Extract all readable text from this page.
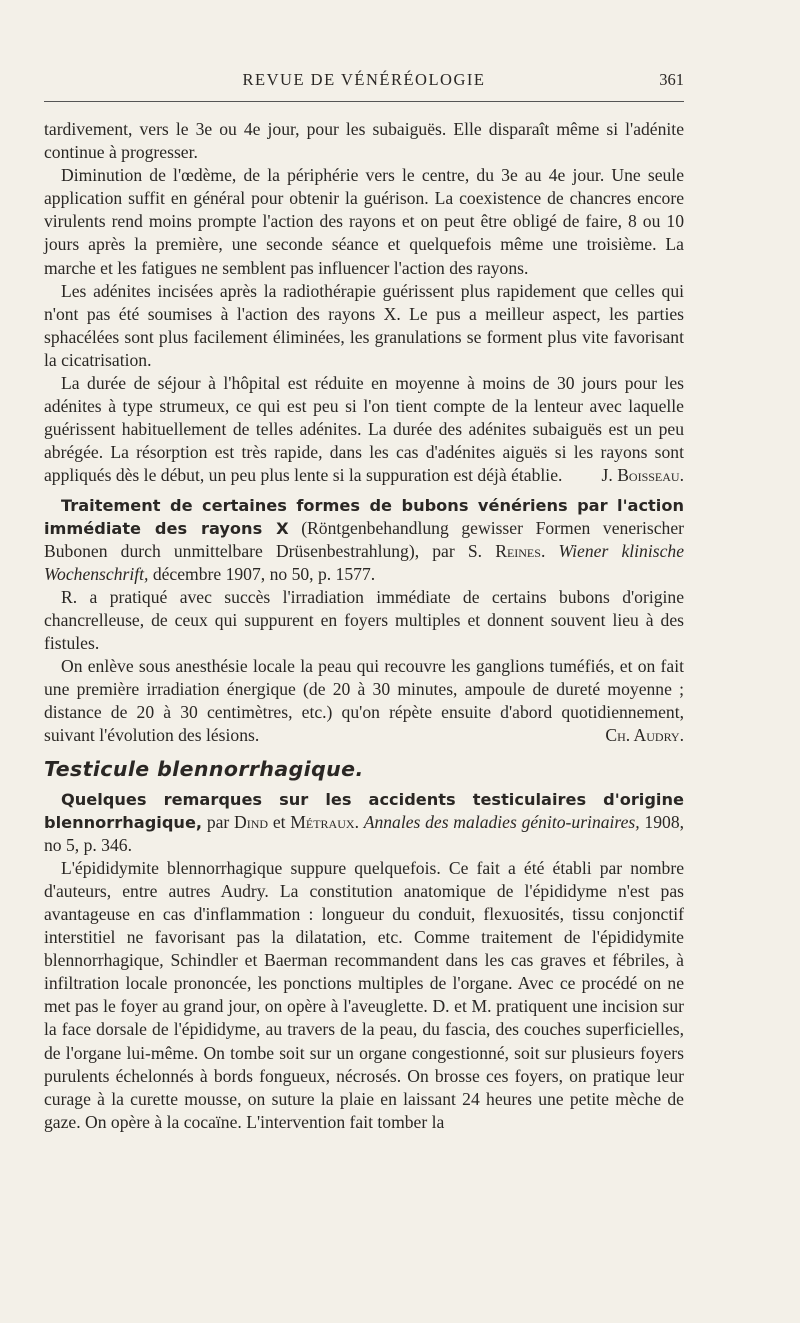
REVUE DE VÉNÉRÉOLOGIE	361

tardivement, vers le 3e ou 4e jour, pour les subaiguës. Elle disparaît même si l'adénite continue à progresser.

Diminution de l'œdème, de la périphérie vers le centre, du 3e au 4e jour. Une seule application suffit en général pour obtenir la guérison. La coexistence de chancres encore virulents rend moins prompte l'action des rayons et on peut être obligé de faire, 8 ou 10 jours après la première, une seconde séance et quelquefois même une troisième. La marche et les fatigues ne semblent pas influencer l'action des rayons.

Les adénites incisées après la radiothérapie guérissent plus rapidement que celles qui n'ont pas été soumises à l'action des rayons X. Le pus a meilleur aspect, les parties sphacélées sont plus facilement éliminées, les granulations se forment plus vite favorisant la cicatrisation.

La durée de séjour à l'hôpital est réduite en moyenne à moins de 30 jours pour les adénites à type strumeux, ce qui est peu si l'on tient compte de la lenteur avec laquelle guérissent habituellement de telles adénites. La durée des adénites subaiguës est un peu abrégée. La résorption est très rapide, dans les cas d'adénites aiguës si les rayons sont appliqués dès le début, un peu plus lente si la suppuration est déjà établie.	J. Boisseau.

Traitement de certaines formes de bubons vénériens par l'action immédiate des rayons X (Röntgenbehandlung gewisser Formen venerischer Bubonen durch unmittelbare Drüsenbestrahlung), par S. Reines. Wiener klinische Wochenschrift, décembre 1907, no 50, p. 1577.

R. a pratiqué avec succès l'irradiation immédiate de certains bubons d'origine chancrelleuse, de ceux qui suppurent en foyers multiples et donnent souvent lieu à des fistules.

On enlève sous anesthésie locale la peau qui recouvre les ganglions tuméfiés, et on fait une première irradiation énergique (de 20 à 30 minutes, ampoule de dureté moyenne ; distance de 20 à 30 centimètres, etc.) qu'on répète ensuite d'abord quotidiennement, suivant l'évolution des lésions.	Ch. Audry.

Testicule blennorrhagique.

Quelques remarques sur les accidents testiculaires d'origine blennorrhagique, par Dind et Métraux. Annales des maladies génito-urinaires, 1908, no 5, p. 346.

L'épididymite blennorrhagique suppure quelquefois. Ce fait a été établi par nombre d'auteurs, entre autres Audry. La constitution anatomique de l'épididyme n'est pas avantageuse en cas d'inflammation : longueur du conduit, flexuosités, tissu conjonctif interstitiel ne favorisant pas la dilatation, etc. Comme traitement de l'épididymite blennorrhagique, Schindler et Baerman recommandent dans les cas graves et fébriles, à infiltration locale prononcée, les ponctions multiples de l'organe. Avec ce procédé on ne met pas le foyer au grand jour, on opère à l'aveuglette. D. et M. pratiquent une incision sur la face dorsale de l'épididyme, au travers de la peau, du fascia, des couches superficielles, de l'organe lui-même. On tombe soit sur un organe congestionné, soit sur plusieurs foyers purulents échelonnés à bords fongueux, nécrosés. On brosse ces foyers, on pratique leur curage à la curette mousse, on suture la plaie en laissant 24 heures une petite mèche de gaze. On opère à la cocaïne. L'intervention fait tomber la
